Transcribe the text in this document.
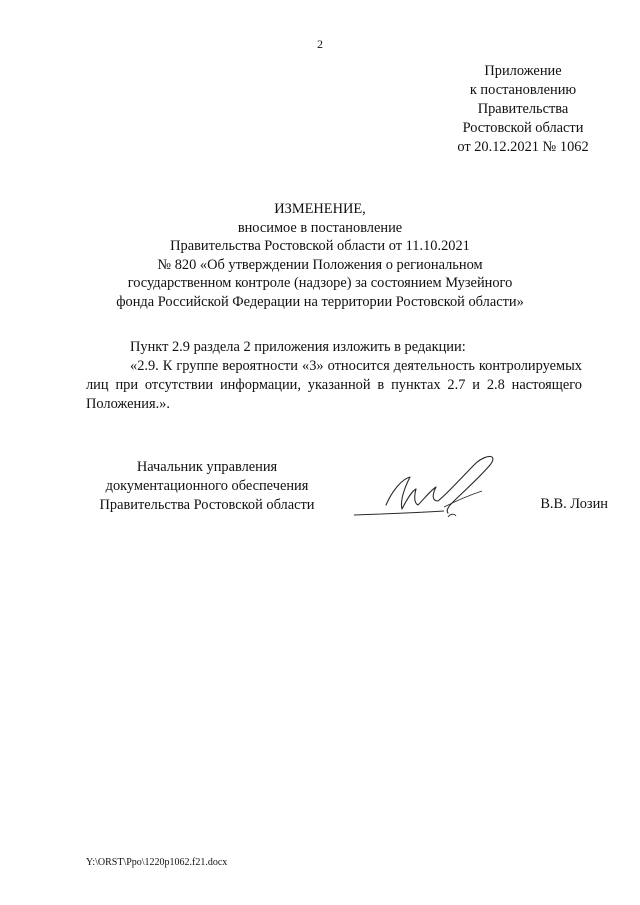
2
Приложение
к постановлению
Правительства
Ростовской области
от 20.12.2021 № 1062
ИЗМЕНЕНИЕ,
вносимое в постановление
Правительства Ростовской области от 11.10.2021
№ 820 «Об утверждении Положения о региональном
государственном контроле (надзоре) за состоянием Музейного
фонда Российской Федерации на территории Ростовской области»
Пункт 2.9 раздела 2 приложения изложить в редакции:
«2.9. К группе вероятности «3» относится деятельность контролируемых
лиц при отсутствии информации, указанной в пунктах 2.7 и 2.8 настоящего
Положения.».
Начальник управления
документационного обеспечения
Правительства Ростовской области	В.В. Лозин
Y:\ORST\Ppo\1220p1062.f21.docx
